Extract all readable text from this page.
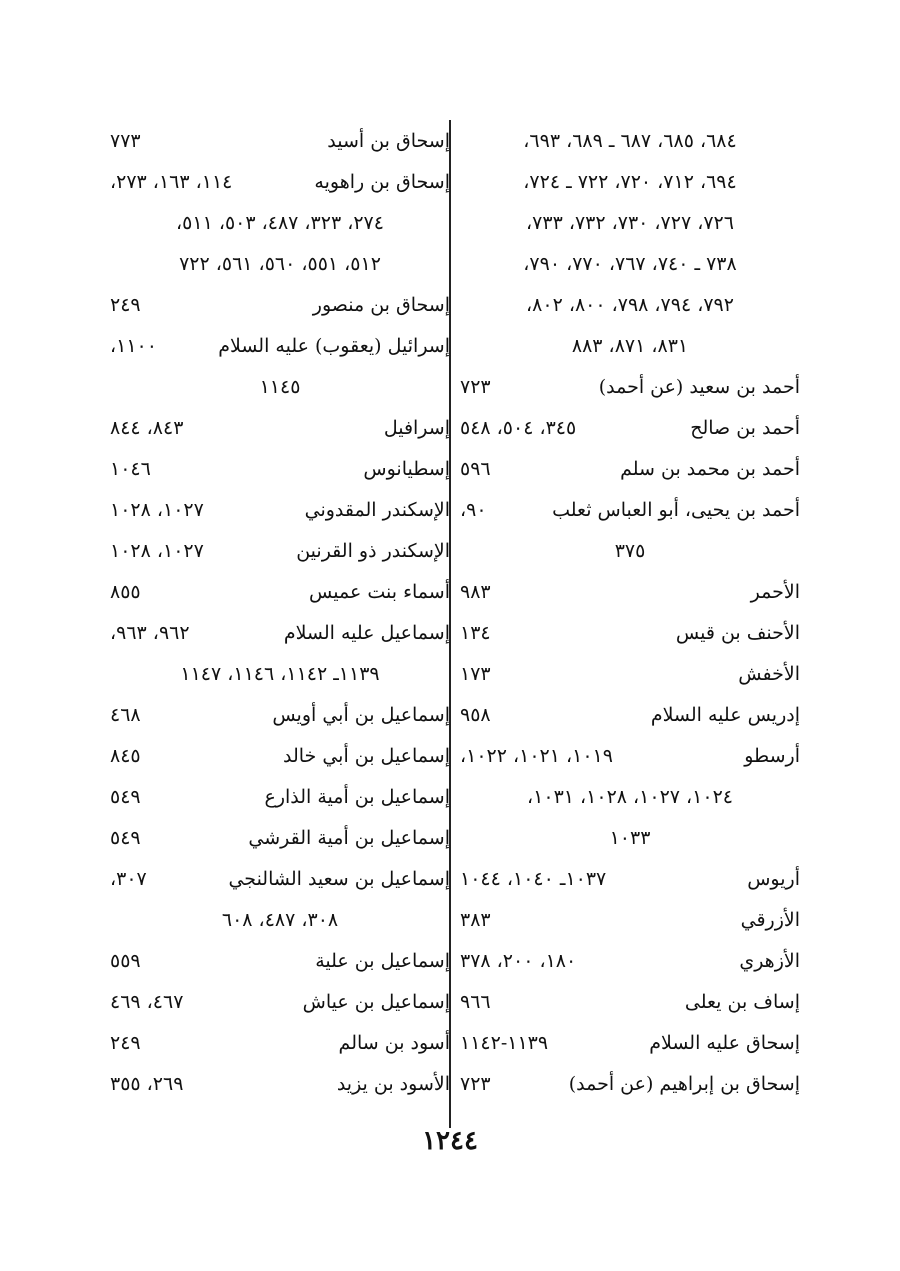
٦٨٤، ٦٨٥، ٦٨٧ ـ ٦٨٩، ٦٩٣،
٦٩٤، ٧١٢، ٧٢٠، ٧٢٢ ـ ٧٢٤،
٧٢٦، ٧٢٧، ٧٣٠، ٧٣٢، ٧٣٣،
٧٣٨ ـ ٧٤٠، ٧٦٧، ٧٧٠، ٧٩٠،
٧٩٢، ٧٩٤، ٧٩٨، ٨٠٠، ٨٠٢،
٨٣١، ٨٧١، ٨٨٣
أحمد بن سعيد (عن أحمد)
٧٢٣
أحمد بن صالح
٣٤٥، ٥٠٤، ٥٤٨
أحمد بن محمد بن سلم
٥٩٦
أحمد بن يحيى، أبو العباس ثعلب
٩٠،
٣٧٥
الأحمر
٩٨٣
الأحنف بن قيس
١٣٤
الأخفش
١٧٣
إدريس عليه السلام
٩٥٨
أرسطو
١٠١٩، ١٠٢١، ١٠٢٢،
١٠٢٤، ١٠٢٧، ١٠٢٨، ١٠٣١،
١٠٣٣
أريوس
١٠٣٧ـ ١٠٤٠، ١٠٤٤
الأزرقي
٣٨٣
الأزهري
١٨٠، ٢٠٠، ٣٧٨
إساف بن يعلى
٩٦٦
إسحاق عليه السلام
١١٣٩-١١٤٢
إسحاق بن إبراهيم (عن أحمد)
٧٢٣
إسحاق بن أسيد
٧٧٣
إسحاق بن راهويه
١١٤، ١٦٣، ٢٧٣،
٢٧٤، ٣٢٣، ٤٨٧، ٥٠٣، ٥١١،
٥١٢، ٥٥١، ٥٦٠، ٥٦١، ٧٢٢
إسحاق بن منصور
٢٤٩
إسرائيل (يعقوب) عليه السلام
١١٠٠،
١١٤٥
إسرافيل
٨٤٣، ٨٤٤
إسطيانوس
١٠٤٦
الإسكندر المقدوني
١٠٢٧، ١٠٢٨
الإسكندر ذو القرنين
١٠٢٧، ١٠٢٨
أسماء بنت عميس
٨٥٥
إسماعيل عليه السلام
٩٦٢، ٩٦٣،
١١٣٩ـ ١١٤٢، ١١٤٦، ١١٤٧
إسماعيل بن أبي أويس
٤٦٨
إسماعيل بن أبي خالد
٨٤٥
إسماعيل بن أمية الذارع
٥٤٩
إسماعيل بن أمية القرشي
٥٤٩
إسماعيل بن سعيد الشالنجي
٣٠٧،
٣٠٨، ٤٨٧، ٦٠٨
إسماعيل بن علية
٥٥٩
إسماعيل بن عياش
٤٦٧، ٤٦٩
أسود بن سالم
٢٤٩
الأسود بن يزيد
٢٦٩، ٣٥٥
١٢٤٤
